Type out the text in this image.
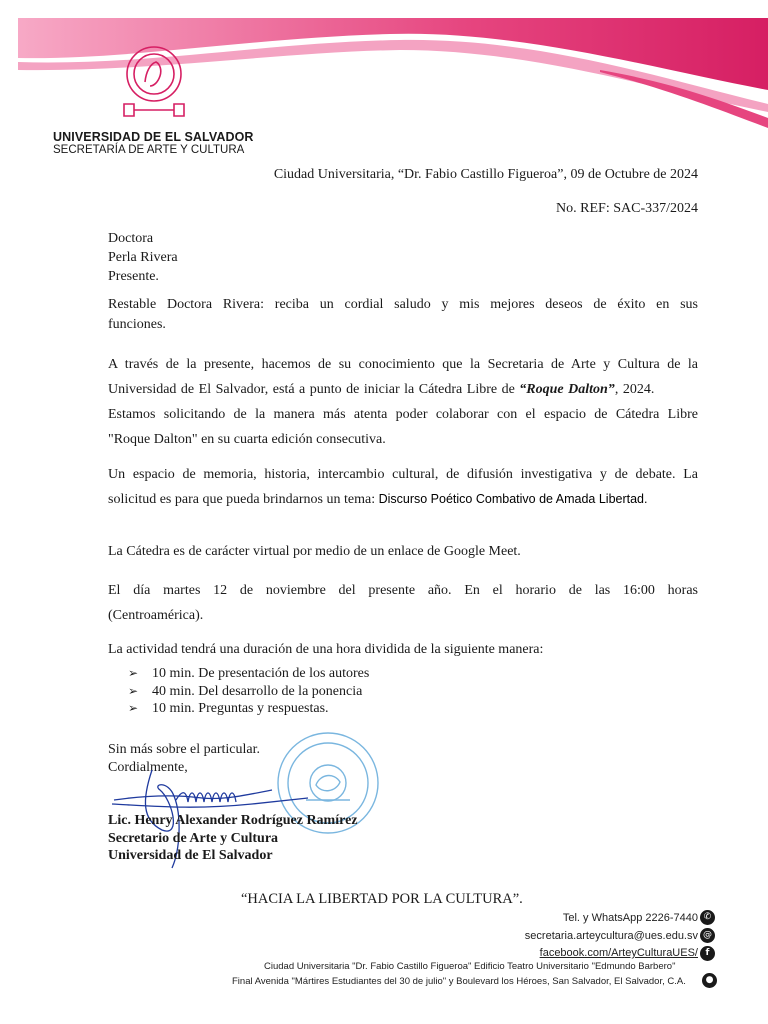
UNIVERSIDAD DE EL SALVADOR
SECRETARÍA DE ARTE Y CULTURA
Ciudad Universitaria, “Dr. Fabio Castillo Figueroa”, 09 de Octubre de 2024
No. REF: SAC-337/2024
Doctora
Perla Rivera
Presente.
Restable Doctora Rivera: reciba un cordial saludo y mis mejores deseos de éxito en sus
funciones.
A través de la presente, hacemos de su conocimiento que la Secretaria de Arte y Cultura de la
Universidad de El Salvador, está a punto de iniciar la Cátedra Libre de “Roque Dalton”, 2024.
Estamos solicitando de la manera más atenta poder colaborar con el espacio de Cátedra Libre
"Roque Dalton" en su cuarta edición consecutiva.
Un espacio de memoria, historia, intercambio cultural, de difusión investigativa y de debate. La
solicitud es para que pueda brindarnos un tema: Discurso Poético Combativo de Amada Libertad.
La Cátedra es de carácter virtual por medio de un enlace de Google Meet.
El día martes 12 de noviembre del presente año. En el horario de las 16:00 horas
(Centroamérica).
La actividad tendrá una duración de una hora dividida de la siguiente manera:
➢ 10 min. De presentación de los autores
➢ 40 min. Del desarrollo de la ponencia
➢ 10 min. Preguntas y respuestas.
Sin más sobre el particular.
Cordialmente,
Lic. Henry Alexander Rodríguez Ramírez
Secretario de Arte y Cultura
Universidad de El Salvador
“HACIA LA LIBERTAD POR LA CULTURA”.
Tel. y WhatsApp 2226-7440 ✆
secretaria.arteycultura@ues.edu.sv @
facebook.com/ArteyCulturaUES/ f
Ciudad Universitaria "Dr. Fabio Castillo Figueroa" Edificio Teatro Universitario "Edmundo Barbero"
Final Avenida "Mártires Estudiantes del 30 de julio" y Boulevard los Héroes, San Salvador, El Salvador, C.A.	●
